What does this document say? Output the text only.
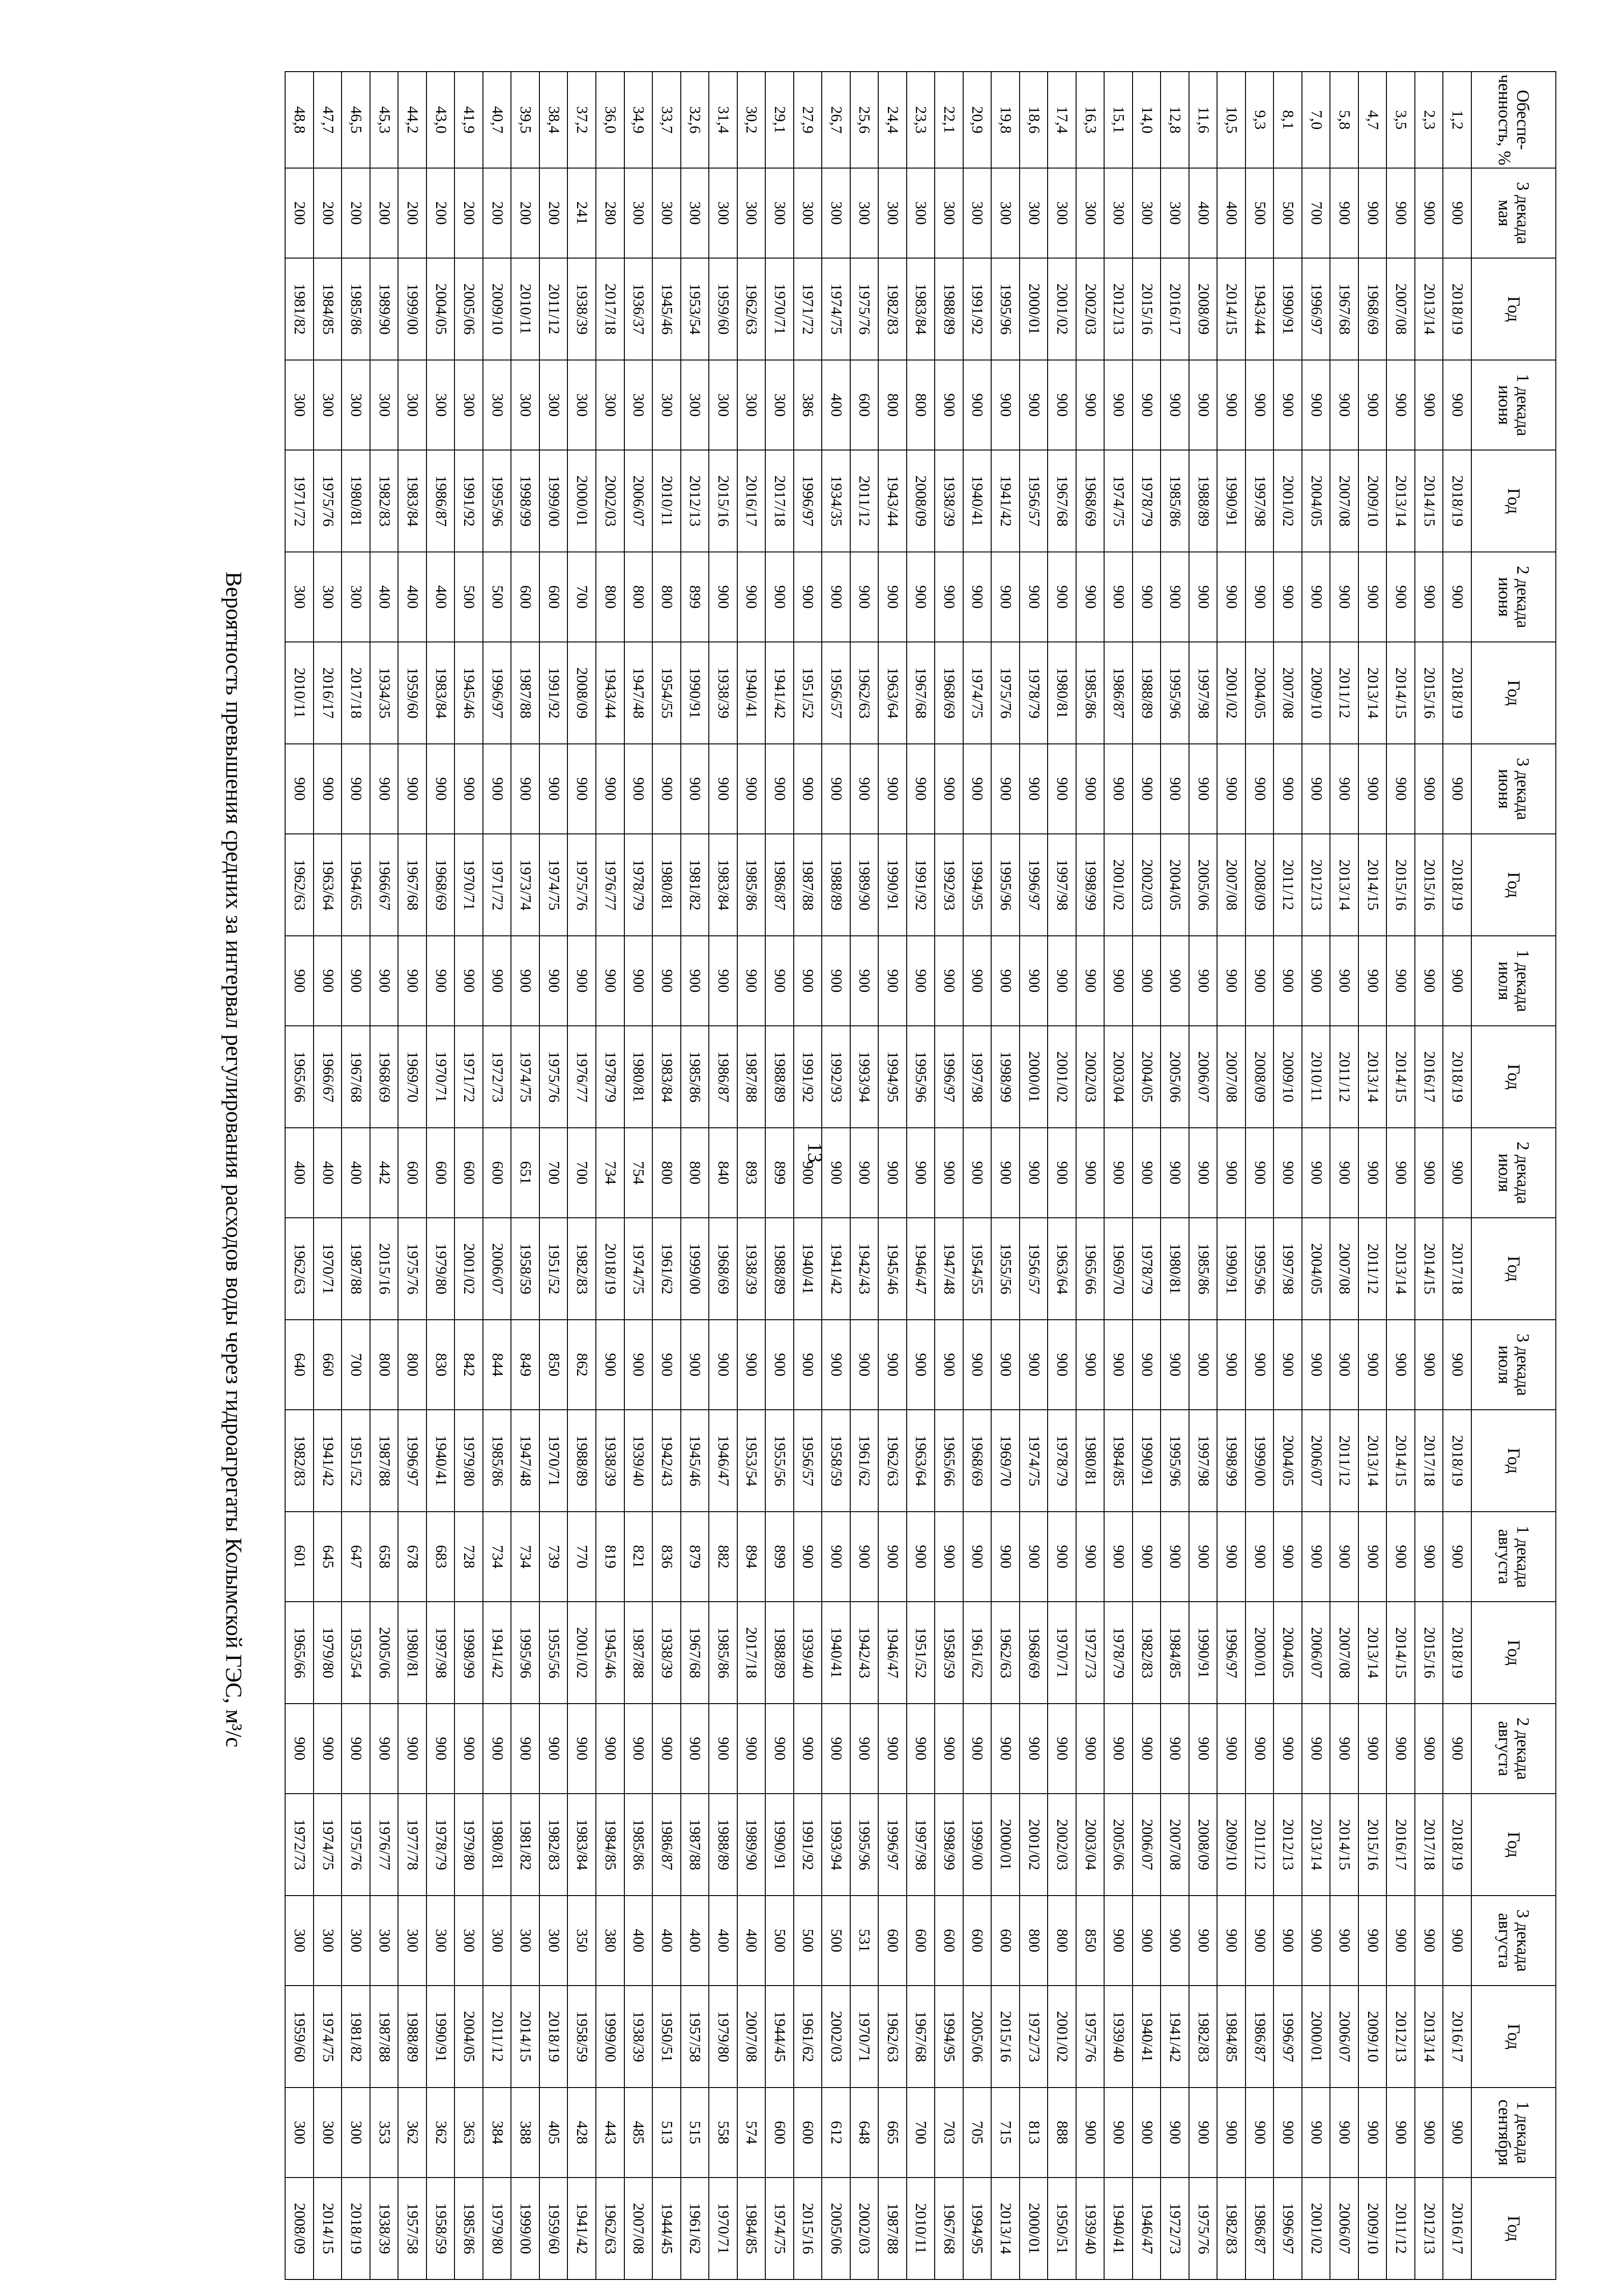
13
Обеспе-ченность, %	3 декада мая	Год	1 декада июня	Год	2 декада июня	Год	3 декада июня	Год	1 декада июля	Год	2 декада июля	Год	3 декада июля	Год	1 декада августа	Год	2 декада августа	Год	3 декада августа	Год	1 декада сентября	Год
1,2	900	2018/19	900	2018/19	900	2018/19	900	2018/19	900	2018/19	900	2017/18	900	2018/19	900	2018/19	900	2018/19	900	2016/17	900	2016/17
2,3	900	2013/14	900	2014/15	900	2015/16	900	2015/16	900	2016/17	900	2014/15	900	2017/18	900	2015/16	900	2017/18	900	2013/14	900	2012/13
3,5	900	2007/08	900	2013/14	900	2014/15	900	2015/16	900	2014/15	900	2013/14	900	2014/15	900	2014/15	900	2016/17	900	2012/13	900	2011/12
4,7	900	1968/69	900	2009/10	900	2013/14	900	2014/15	900	2013/14	900	2011/12	900	2013/14	900	2013/14	900	2015/16	900	2009/10	900	2009/10
5,8	900	1967/68	900	2007/08	900	2011/12	900	2013/14	900	2011/12	900	2007/08	900	2011/12	900	2007/08	900	2014/15	900	2006/07	900	2006/07
7,0	700	1996/97	900	2004/05	900	2009/10	900	2012/13	900	2010/11	900	2004/05	900	2006/07	900	2006/07	900	2013/14	900	2000/01	900	2001/02
8,1	500	1990/91	900	2001/02	900	2007/08	900	2011/12	900	2009/10	900	1997/98	900	2004/05	900	2004/05	900	2012/13	900	1996/97	900	1996/97
9,3	500	1943/44	900	1997/98	900	2004/05	900	2008/09	900	2008/09	900	1995/96	900	1999/00	900	2000/01	900	2011/12	900	1986/87	900	1986/87
10,5	400	2014/15	900	1990/91	900	2001/02	900	2007/08	900	2007/08	900	1990/91	900	1998/99	900	1996/97	900	2009/10	900	1984/85	900	1982/83
11,6	400	2008/09	900	1988/89	900	1997/98	900	2005/06	900	2006/07	900	1985/86	900	1997/98	900	1990/91	900	2008/09	900	1982/83	900	1975/76
12,8	300	2016/17	900	1985/86	900	1995/96	900	2004/05	900	2005/06	900	1980/81	900	1995/96	900	1984/85	900	2007/08	900	1941/42	900	1972/73
14,0	300	2015/16	900	1978/79	900	1988/89	900	2002/03	900	2004/05	900	1978/79	900	1990/91	900	1982/83	900	2006/07	900	1940/41	900	1946/47
15,1	300	2012/13	900	1974/75	900	1986/87	900	2001/02	900	2003/04	900	1969/70	900	1984/85	900	1978/79	900	2005/06	900	1939/40	900	1940/41
16,3	300	2002/03	900	1968/69	900	1985/86	900	1998/99	900	2002/03	900	1965/66	900	1980/81	900	1972/73	900	2003/04	850	1975/76	900	1939/40
17,4	300	2001/02	900	1967/68	900	1980/81	900	1997/98	900	2001/02	900	1963/64	900	1978/79	900	1970/71	900	2002/03	800	2001/02	888	1950/51
18,6	300	2000/01	900	1956/57	900	1978/79	900	1996/97	900	2000/01	900	1956/57	900	1974/75	900	1968/69	900	2001/02	800	1972/73	813	2000/01
19,8	300	1995/96	900	1941/42	900	1975/76	900	1995/96	900	1998/99	900	1955/56	900	1969/70	900	1962/63	900	2000/01	600	2015/16	715	2013/14
20,9	300	1991/92	900	1940/41	900	1974/75	900	1994/95	900	1997/98	900	1954/55	900	1968/69	900	1961/62	900	1999/00	600	2005/06	705	1994/95
22,1	300	1988/89	900	1938/39	900	1968/69	900	1992/93	900	1996/97	900	1947/48	900	1965/66	900	1958/59	900	1998/99	600	1994/95	703	1967/68
23,3	300	1983/84	800	2008/09	900	1967/68	900	1991/92	900	1995/96	900	1946/47	900	1963/64	900	1951/52	900	1997/98	600	1967/68	700	2010/11
24,4	300	1982/83	800	1943/44	900	1963/64	900	1990/91	900	1994/95	900	1945/46	900	1962/63	900	1946/47	900	1996/97	600	1962/63	665	1987/88
25,6	300	1975/76	600	2011/12	900	1962/63	900	1989/90	900	1993/94	900	1942/43	900	1961/62	900	1942/43	900	1995/96	531	1970/71	648	2002/03
26,7	300	1974/75	400	1934/35	900	1956/57	900	1988/89	900	1992/93	900	1941/42	900	1958/59	900	1940/41	900	1993/94	500	2002/03	612	2005/06
27,9	300	1971/72	386	1996/97	900	1951/52	900	1987/88	900	1991/92	900	1940/41	900	1956/57	900	1939/40	900	1991/92	500	1961/62	600	2015/16
29,1	300	1970/71	300	2017/18	900	1941/42	900	1986/87	900	1988/89	899	1988/89	900	1955/56	899	1988/89	900	1990/91	500	1944/45	600	1974/75
30,2	300	1962/63	300	2016/17	900	1940/41	900	1985/86	900	1987/88	893	1938/39	900	1953/54	894	2017/18	900	1989/90	400	2007/08	574	1984/85
31,4	300	1959/60	300	2015/16	900	1938/39	900	1983/84	900	1986/87	840	1968/69	900	1946/47	882	1985/86	900	1988/89	400	1979/80	558	1970/71
32,6	300	1953/54	300	2012/13	899	1990/91	900	1981/82	900	1985/86	800	1999/00	900	1945/46	879	1967/68	900	1987/88	400	1957/58	515	1961/62
33,7	300	1945/46	300	2010/11	800	1954/55	900	1980/81	900	1983/84	800	1961/62	900	1942/43	836	1938/39	900	1986/87	400	1950/51	513	1944/45
34,9	300	1936/37	300	2006/07	800	1947/48	900	1978/79	900	1980/81	754	1974/75	900	1939/40	821	1987/88	900	1985/86	400	1938/39	485	2007/08
36,0	280	2017/18	300	2002/03	800	1943/44	900	1976/77	900	1978/79	734	2018/19	900	1938/39	819	1945/46	900	1984/85	380	1999/00	443	1962/63
37,2	241	1938/39	300	2000/01	700	2008/09	900	1975/76	900	1976/77	700	1982/83	862	1988/89	770	2001/02	900	1983/84	350	1958/59	428	1941/42
38,4	200	2011/12	300	1999/00	600	1991/92	900	1974/75	900	1975/76	700	1951/52	850	1970/71	739	1955/56	900	1982/83	300	2018/19	405	1959/60
39,5	200	2010/11	300	1998/99	600	1987/88	900	1973/74	900	1974/75	651	1958/59	849	1947/48	734	1995/96	900	1981/82	300	2014/15	388	1999/00
40,7	200	2009/10	300	1995/96	500	1996/97	900	1971/72	900	1972/73	600	2006/07	844	1985/86	734	1941/42	900	1980/81	300	2011/12	384	1979/80
41,9	200	2005/06	300	1991/92	500	1945/46	900	1970/71	900	1971/72	600	2001/02	842	1979/80	728	1998/99	900	1979/80	300	2004/05	363	1985/86
43,0	200	2004/05	300	1986/87	400	1983/84	900	1968/69	900	1970/71	600	1979/80	830	1940/41	683	1997/98	900	1978/79	300	1990/91	362	1958/59
44,2	200	1999/00	300	1983/84	400	1959/60	900	1967/68	900	1969/70	600	1975/76	800	1996/97	678	1980/81	900	1977/78	300	1988/89	362	1957/58
45,3	200	1989/90	300	1982/83	400	1934/35	900	1966/67	900	1968/69	442	2015/16	800	1987/88	658	2005/06	900	1976/77	300	1987/88	353	1938/39
46,5	200	1985/86	300	1980/81	300	2017/18	900	1964/65	900	1967/68	400	1987/88	700	1951/52	647	1953/54	900	1975/76	300	1981/82	300	2018/19
47,7	200	1984/85	300	1975/76	300	2016/17	900	1963/64	900	1966/67	400	1970/71	660	1941/42	645	1979/80	900	1974/75	300	1974/75	300	2014/15
48,8	200	1981/82	300	1971/72	300	2010/11	900	1962/63	900	1965/66	400	1962/63	640	1982/83	601	1965/66	900	1972/73	300	1959/60	300	2008/09
Вероятность превышения средних за интервал регулирования расходов воды через гидроагрегаты Колымской ГЭС, м³/с
